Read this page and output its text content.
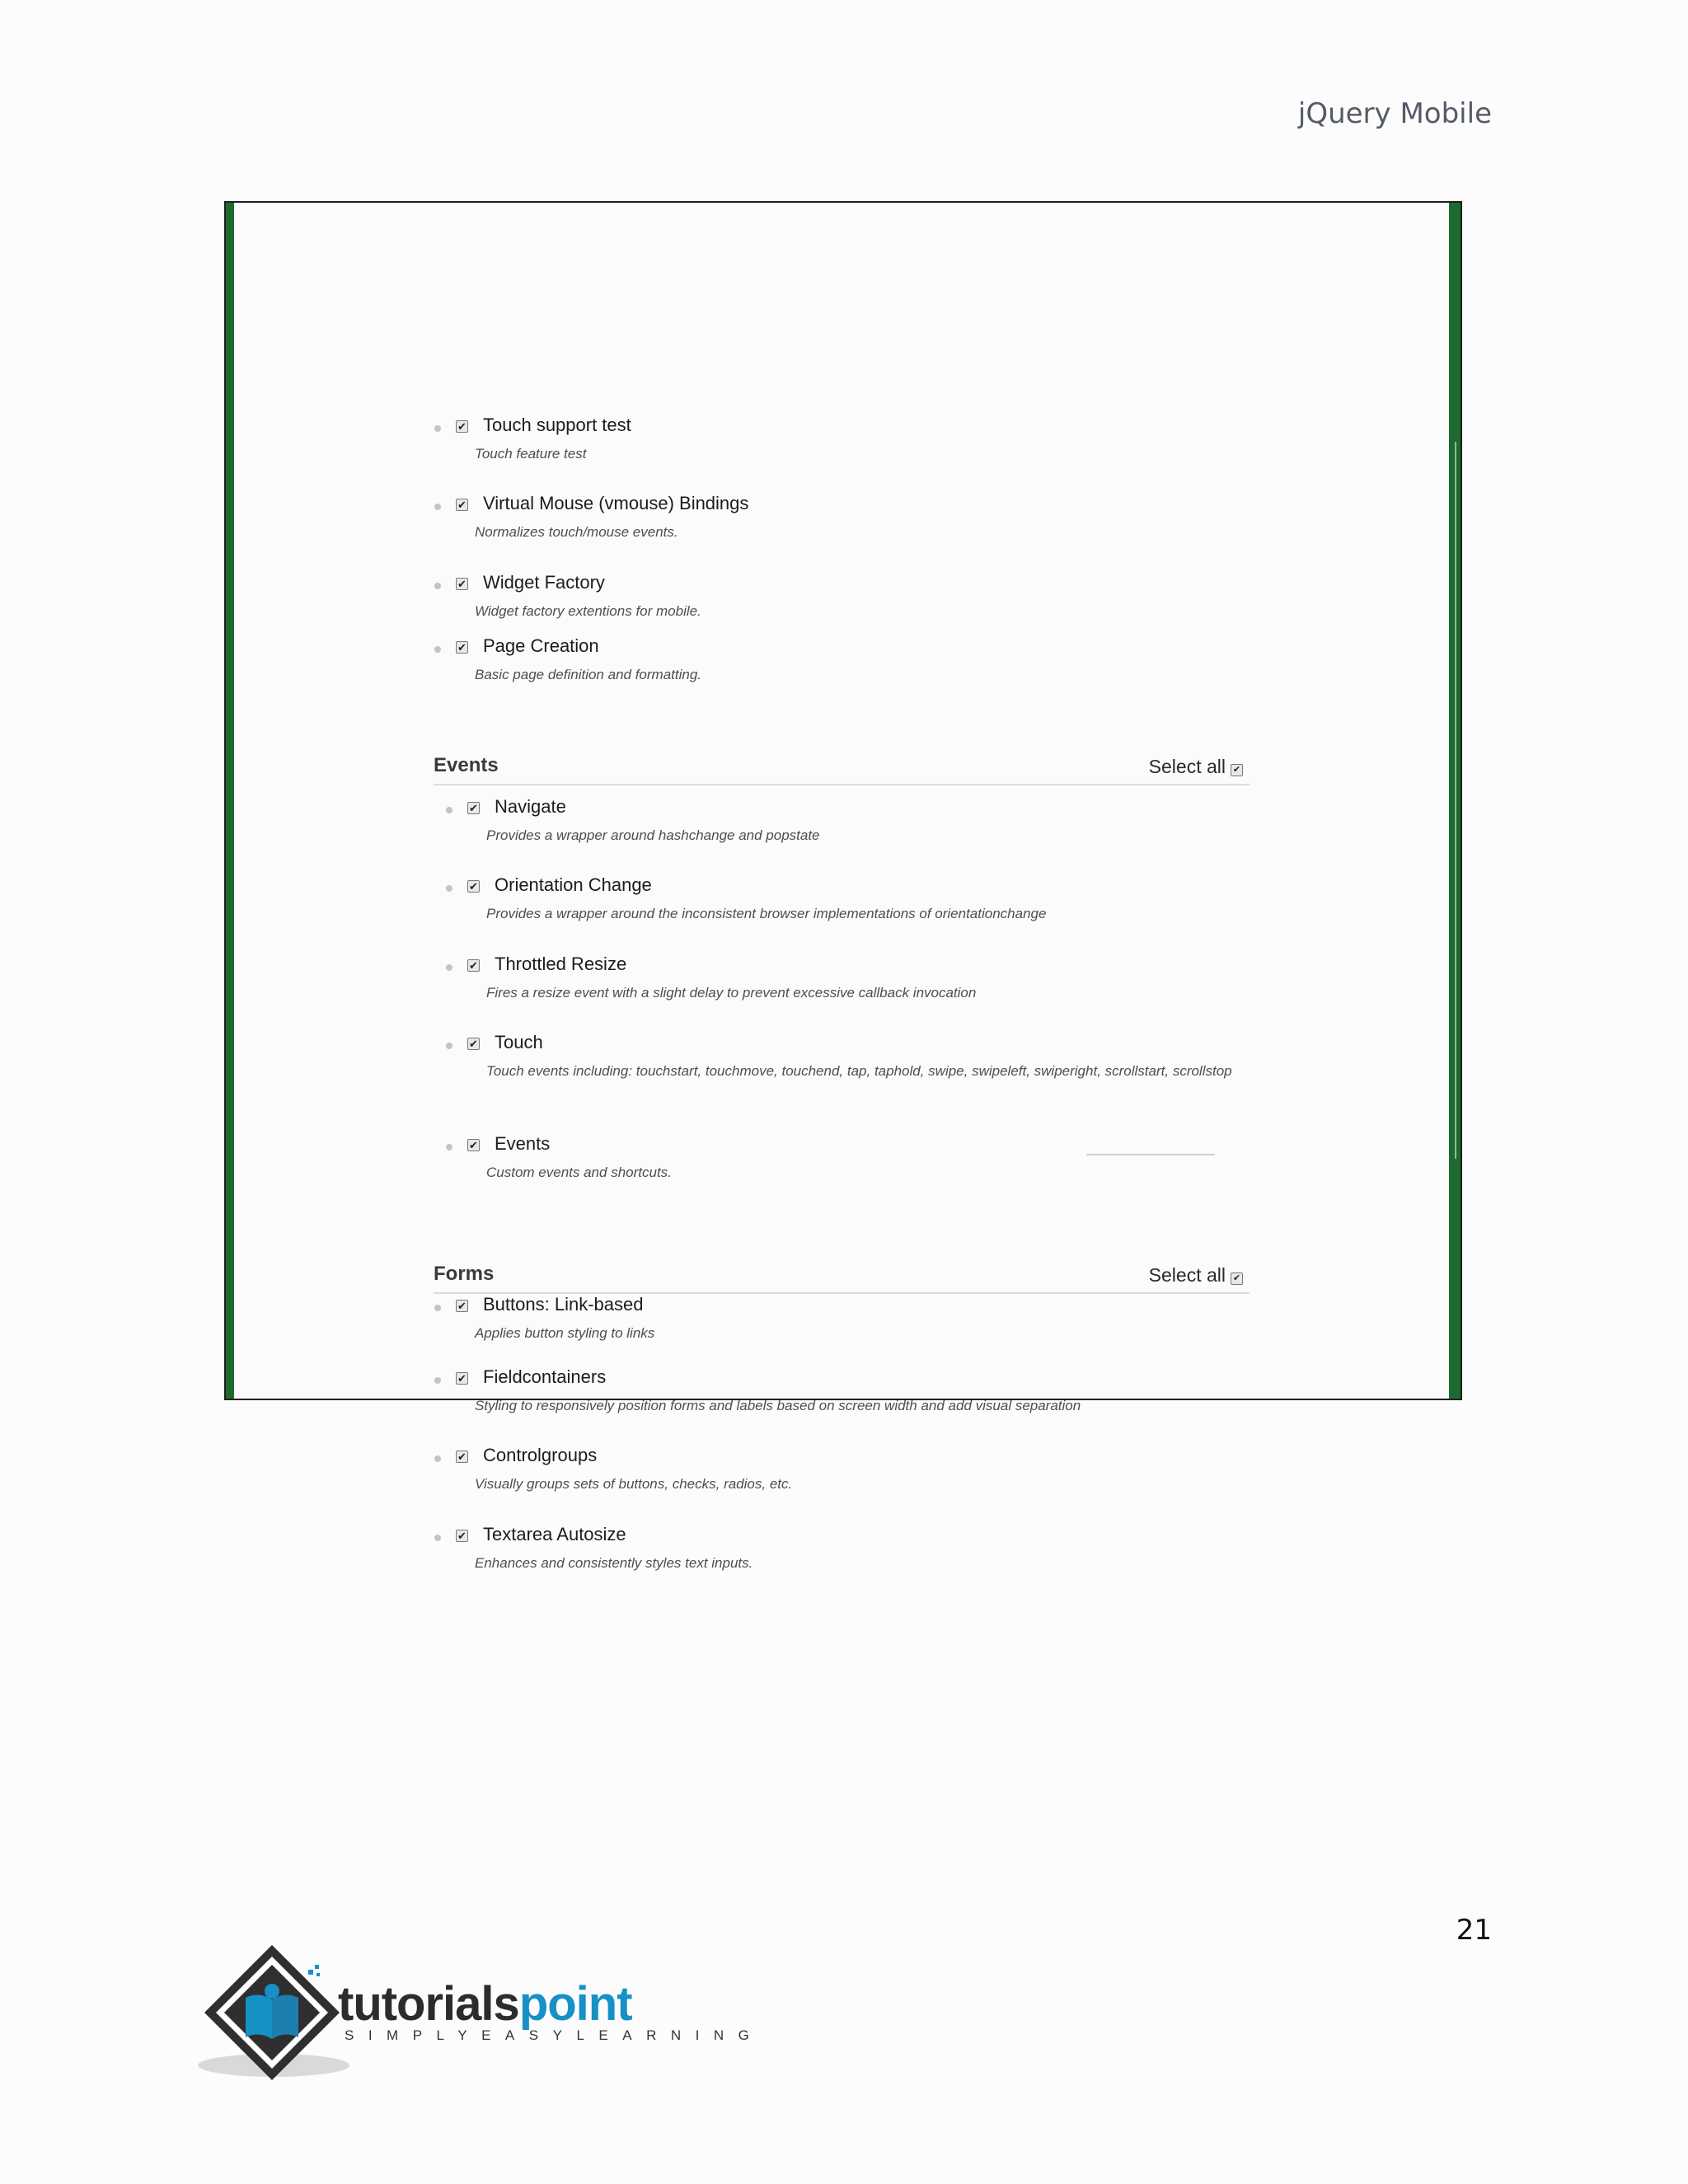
jQuery Mobile
✔ Touch support test
Touch feature test
✔ Virtual Mouse (vmouse) Bindings
Normalizes touch/mouse events.
✔ Widget Factory
Widget factory extentions for mobile.
✔ Page Creation
Basic page definition and formatting.
Events	Select all ✔
✔ Navigate
Provides a wrapper around hashchange and popstate
✔ Orientation Change
Provides a wrapper around the inconsistent browser implementations of orientationchange
✔ Throttled Resize
Fires a resize event with a slight delay to prevent excessive callback invocation
✔ Touch
Touch events including: touchstart, touchmove, touchend, tap, taphold, swipe, swipeleft, swiperight, scrollstart, scrollstop
✔ Events
Custom events and shortcuts.
Forms	Select all ✔
✔ Buttons: Link-based
Applies button styling to links
✔ Fieldcontainers
Styling to responsively position forms and labels based on screen width and add visual separation
✔ Controlgroups
Visually groups sets of buttons, checks, radios, etc.
✔ Textarea Autosize
Enhances and consistently styles text inputs.
21
tutorialspoint
SIMPLYEASYLEARNING
